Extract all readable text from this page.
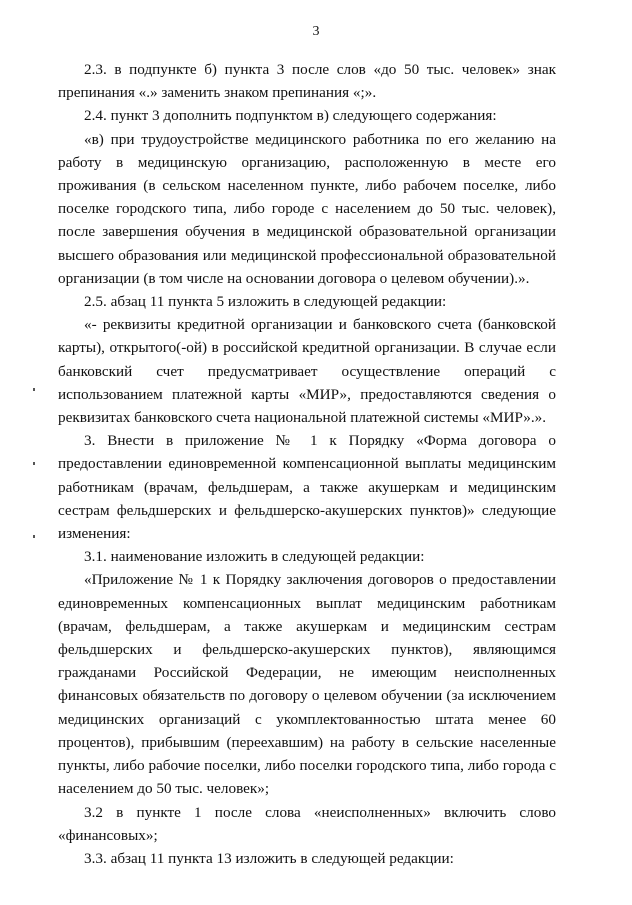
3

2.3. в подпункте б) пункта 3 после слов «до 50 тыс. человек» знак препинания «.» заменить знаком препинания «;».

2.4. пункт 3 дополнить подпунктом в) следующего содержания:

«в) при трудоустройстве медицинского работника по его желанию на работу в медицинскую организацию, расположенную в месте его проживания (в сельском населенном пункте, либо рабочем поселке, либо поселке городского типа, либо городе с населением до 50 тыс. человек), после завершения обучения в медицинской образовательной организации высшего образования или медицинской профессиональной образовательной организации (в том числе на основании договора о целевом обучении).».

2.5. абзац 11 пункта 5 изложить в следующей редакции:

«- реквизиты кредитной организации и банковского счета (банковской карты), открытого(-ой) в российской кредитной организации. В случае если банковский счет предусматривает осуществление операций с использованием платежной карты «МИР», предоставляются сведения о реквизитах банковского счета национальной платежной системы «МИР».».

3. Внести в приложение № 1 к Порядку «Форма договора о предоставлении единовременной компенсационной выплаты медицинским работникам (врачам, фельдшерам, а также акушеркам и медицинским сестрам фельдшерских и фельдшерско-акушерских пунктов)» следующие изменения:

3.1. наименование изложить в следующей редакции:

«Приложение № 1 к Порядку заключения договоров о предоставлении единовременных компенсационных выплат медицинским работникам (врачам, фельдшерам, а также акушеркам и медицинским сестрам фельдшерских и фельдшерско-акушерских пунктов), являющимся гражданами Российской Федерации, не имеющим неисполненных финансовых обязательств по договору о целевом обучении (за исключением медицинских организаций с укомплектованностью штата менее 60 процентов), прибывшим (переехавшим) на работу в сельские населенные пункты, либо рабочие поселки, либо поселки городского типа, либо города с населением до 50 тыс. человек»;

3.2 в пункте 1 после слова «неисполненных» включить слово «финансовых»;

3.3. абзац 11 пункта 13 изложить в следующей редакции:
